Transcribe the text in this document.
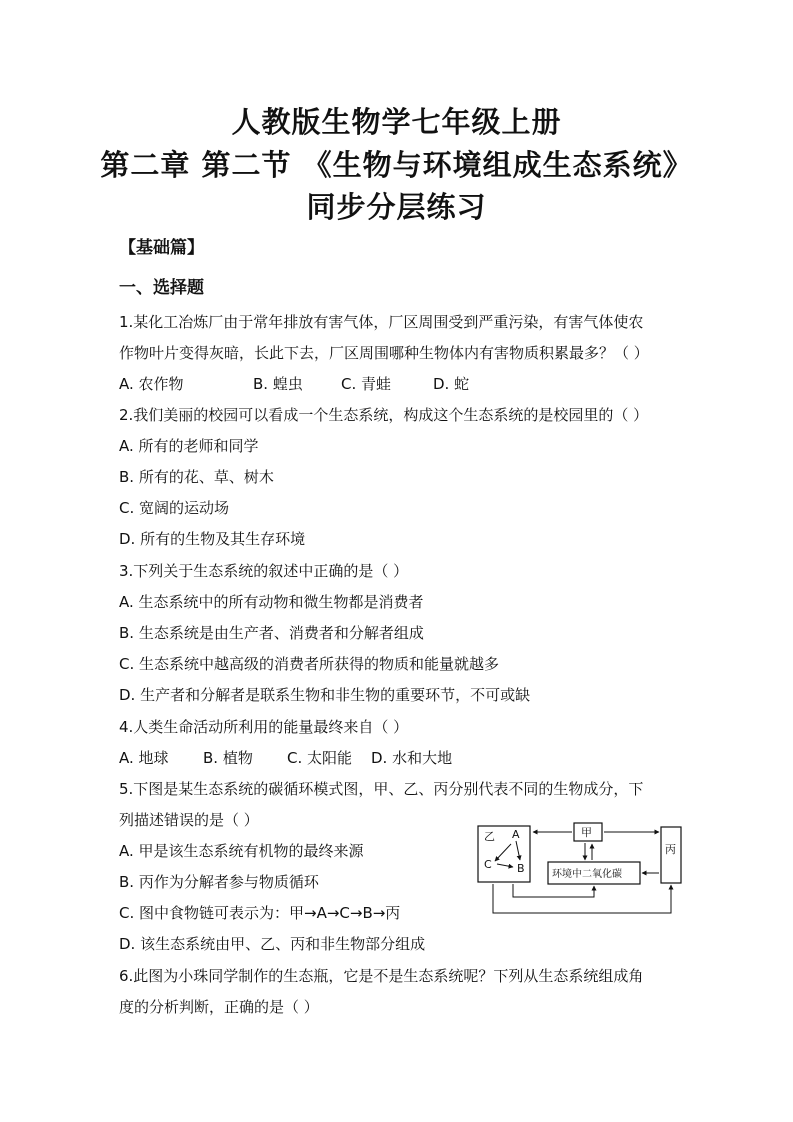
人教版生物学七年级上册
第二章 第二节 《生物与环境组成生态系统》
同步分层练习
【基础篇】
一、选择题
1.某化工冶炼厂由于常年排放有害气体，厂区周围受到严重污染，有害气体使农
作物叶片变得灰暗，长此下去，厂区周围哪种生物体内有害物质积累最多？（ ）
A. 农作物	B. 蝗虫	C. 青蛙	D. 蛇
2.我们美丽的校园可以看成一个生态系统，构成这个生态系统的是校园里的（ ）
A. 所有的老师和同学
B. 所有的花、草、树木
C. 宽阔的运动场
D. 所有的生物及其生存环境
3.下列关于生态系统的叙述中正确的是（ ）
A. 生态系统中的所有动物和微生物都是消费者
B. 生态系统是由生产者、消费者和分解者组成
C. 生态系统中越高级的消费者所获得的物质和能量就越多
D. 生产者和分解者是联系生物和非生物的重要环节，不可或缺
4.人类生命活动所利用的能量最终来自（ ）
A. 地球 B. 植物 C. 太阳能 D. 水和大地
5.下图是某生态系统的碳循环模式图，甲、乙、丙分别代表不同的生物成分，下
列描述错误的是（ ）
A. 甲是该生态系统有机物的最终来源
B. 丙作为分解者参与物质循环
C. 图中食物链可表示为：甲→A→C→B→丙
D. 该生态系统由甲、乙、丙和非生物部分组成
乙 A
B
C
甲
丙
环境中二氧化碳
6.此图为小珠同学制作的生态瓶，它是不是生态系统呢？下列从生态系统组成角
度的分析判断，正确的是（ ）
